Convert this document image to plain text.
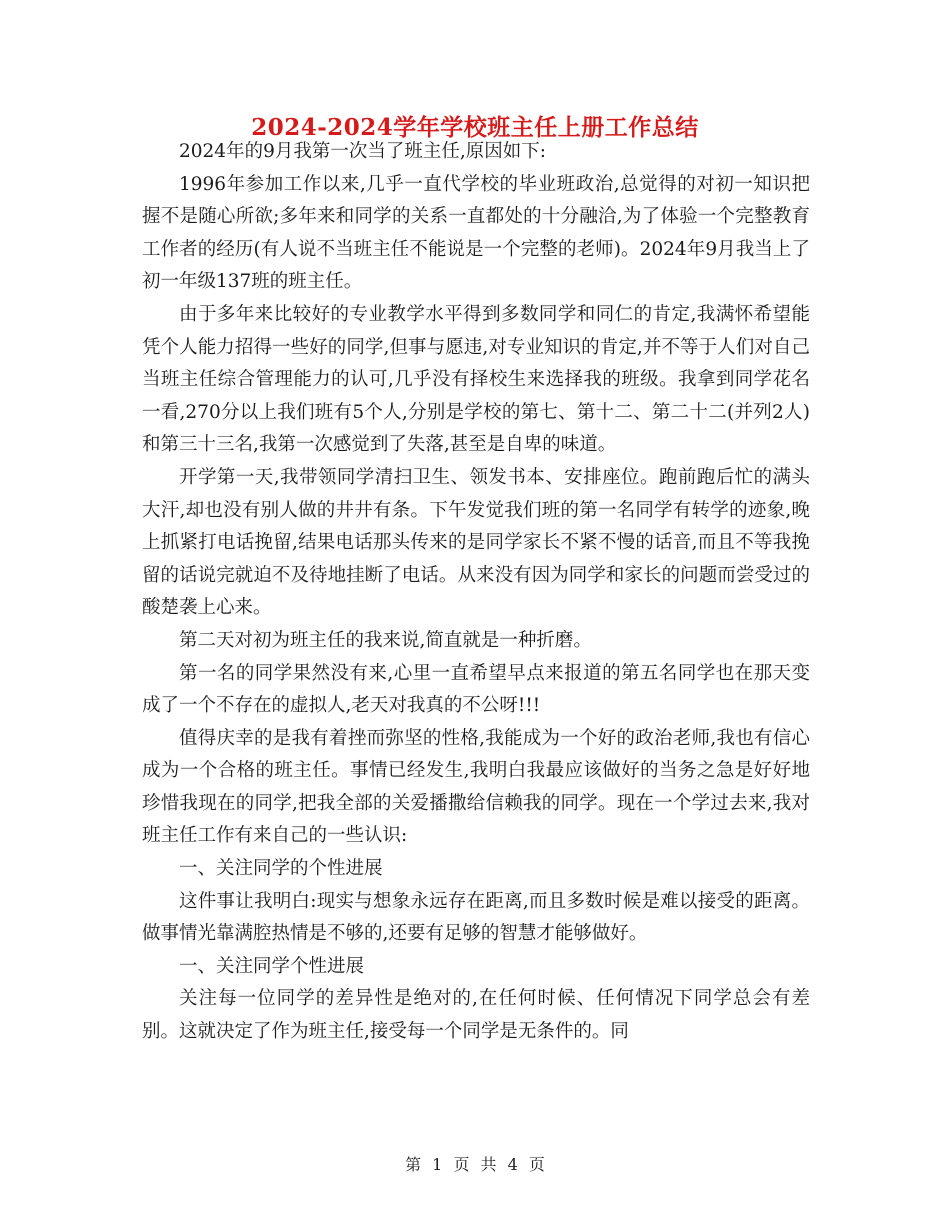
2024-2024学年学校班主任上册工作总结

2024年的9月我第一次当了班主任,原因如下:

1996年参加工作以来,几乎一直代学校的毕业班政治,总觉得的对初一知识把握不是随心所欲;多年来和同学的关系一直都处的十分融洽,为了体验一个完整教育工作者的经历(有人说不当班主任不能说是一个完整的老师)。2024年9月我当上了初一年级137班的班主任。

由于多年来比较好的专业教学水平得到多数同学和同仁的肯定,我满怀希望能凭个人能力招得一些好的同学,但事与愿违,对专业知识的肯定,并不等于人们对自己当班主任综合管理能力的认可,几乎没有择校生来选择我的班级。我拿到同学花名一看,270分以上我们班有5个人,分别是学校的第七、第十二、第二十二(并列2人)和第三十三名,我第一次感觉到了失落,甚至是自卑的味道。

开学第一天,我带领同学清扫卫生、领发书本、安排座位。跑前跑后忙的满头大汗,却也没有别人做的井井有条。下午发觉我们班的第一名同学有转学的迹象,晚上抓紧打电话挽留,结果电话那头传来的是同学家长不紧不慢的话音,而且不等我挽留的话说完就迫不及待地挂断了电话。从来没有因为同学和家长的问题而尝受过的酸楚袭上心来。

第二天对初为班主任的我来说,简直就是一种折磨。

第一名的同学果然没有来,心里一直希望早点来报道的第五名同学也在那天变成了一个不存在的虚拟人,老天对我真的不公呀!!!

值得庆幸的是我有着挫而弥坚的性格,我能成为一个好的政治老师,我也有信心成为一个合格的班主任。事情已经发生,我明白我最应该做好的当务之急是好好地珍惜我现在的同学,把我全部的关爱播撒给信赖我的同学。现在一个学过去来,我对班主任工作有来自己的一些认识:

一、关注同学的个性进展

这件事让我明白:现实与想象永远存在距离,而且多数时候是难以接受的距离。做事情光靠满腔热情是不够的,还要有足够的智慧才能够做好。

一、关注同学个性进展

关注每一位同学的差异性是绝对的,在任何时候、任何情况下同学总会有差别。这就决定了作为班主任,接受每一个同学是无条件的。同

第 1 页 共 4 页
